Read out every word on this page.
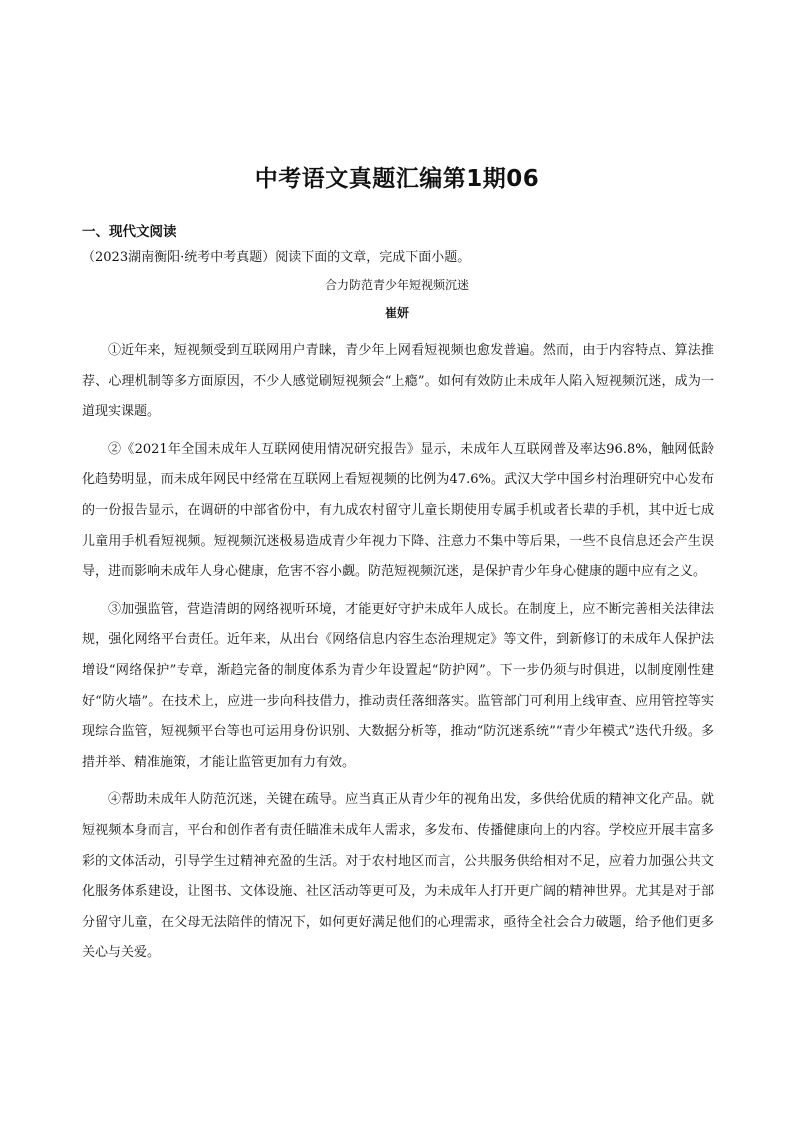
中考语文真题汇编第1期06
一、现代文阅读
（2023湖南衡阳·统考中考真题）阅读下面的文章，完成下面小题。
合力防范青少年短视频沉迷
崔妍

①近年来，短视频受到互联网用户青睐，青少年上网看短视频也愈发普遍。然而，由于内容特点、算法推荐、心理机制等多方面原因，不少人感觉刷短视频会“上瘾”。如何有效防止未成年人陷入短视频沉迷，成为一道现实课题。

②《2021年全国未成年人互联网使用情况研究报告》显示，未成年人互联网普及率达96.8%，触网低龄化趋势明显，而未成年网民中经常在互联网上看短视频的比例为47.6%。武汉大学中国乡村治理研究中心发布的一份报告显示，在调研的中部省份中，有九成农村留守儿童长期使用专属手机或者长辈的手机，其中近七成儿童用手机看短视频。短视频沉迷极易造成青少年视力下降、注意力不集中等后果，一些不良信息还会产生误导，进而影响未成年人身心健康，危害不容小觑。防范短视频沉迷，是保护青少年身心健康的题中应有之义。

③加强监管，营造清朗的网络视听环境，才能更好守护未成年人成长。在制度上，应不断完善相关法律法规，强化网络平台责任。近年来，从出台《网络信息内容生态治理规定》等文件，到新修订的未成年人保护法增设“网络保护”专章，渐趋完备的制度体系为青少年设置起“防护网”。下一步仍须与时俱进，以制度刚性建好“防火墙”。在技术上，应进一步向科技借力，推动责任落细落实。监管部门可利用上线审查、应用管控等实现综合监管，短视频平台等也可运用身份识别、大数据分析等，推动“防沉迷系统”“青少年模式”迭代升级。多措并举、精准施策，才能让监管更加有力有效。

④帮助未成年人防范沉迷，关键在疏导。应当真正从青少年的视角出发，多供给优质的精神文化产品。就短视频本身而言，平台和创作者有责任瞄准未成年人需求，多发布、传播健康向上的内容。学校应开展丰富多彩的文体活动，引导学生过精神充盈的生活。对于农村地区而言，公共服务供给相对不足，应着力加强公共文化服务体系建设，让图书、文体设施、社区活动等更可及，为未成年人打开更广阔的精神世界。尤其是对于部分留守儿童，在父母无法陪伴的情况下，如何更好满足他们的心理需求，亟待全社会合力破题，给予他们更多关心与关爱。
